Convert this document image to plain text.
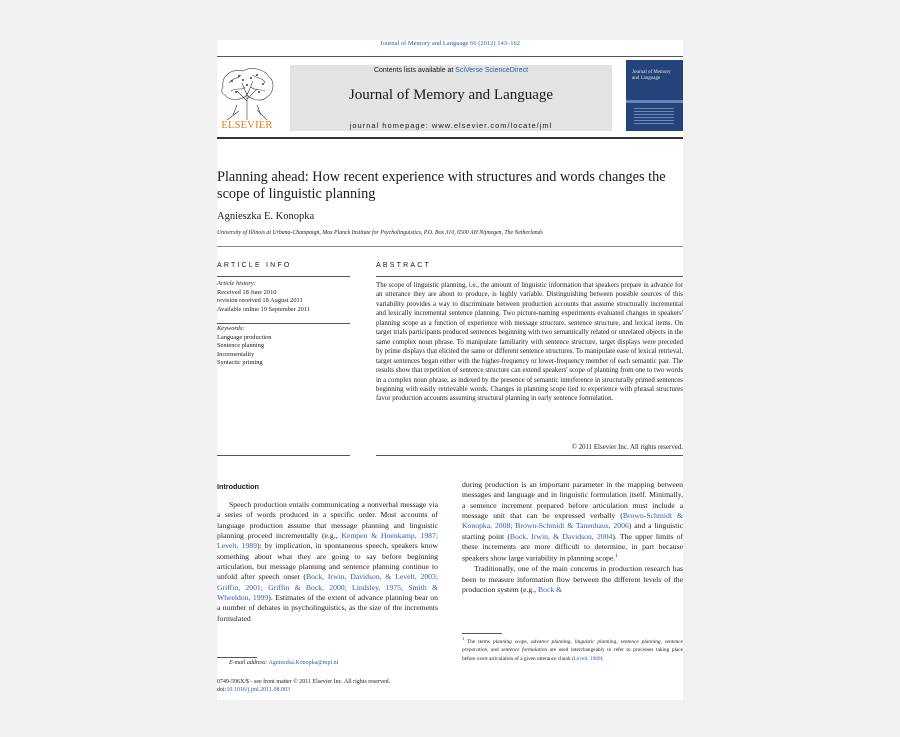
Journal of Memory and Language 66 (2012) 143–162
ELSEVIER
Contents lists available at SciVerse ScienceDirect
Journal of Memory and Language
journal homepage: www.elsevier.com/locate/jml
Journal of Memory and Language
Planning ahead: How recent experience with structures and words changes the scope of linguistic planning
Agnieszka E. Konopka
University of Illinois at Urbana-Champaign, Max Planck Institute for Psycholinguistics, P.O. Box 310, 6500 AH Nijmegen, The Netherlands
ARTICLE INFO
Article history:
Received 18 June 2010
revision received 18 August 2011
Available online 19 September 2011
Keywords:
Language production
Sentence planning
Incrementality
Syntactic priming
ABSTRACT
The scope of linguistic planning, i.e., the amount of linguistic information that speakers prepare in advance for an utterance they are about to produce, is highly variable. Distinguishing between possible sources of this variability provides a way to discriminate between production accounts that assume structurally incremental and lexically incremental sentence planning. Two picture-naming experiments evaluated changes in speakers' planning scope as a function of experience with message structure, sentence structure, and lexical items. On target trials participants produced sentences beginning with two semantically related or unrelated objects in the same complex noun phrase. To manipulate familiarity with sentence structure, target displays were preceded by prime displays that elicited the same or different sentence structures. To manipulate ease of lexical retrieval, target sentences began either with the higher-frequency or lower-frequency member of each semantic pair. The results show that repetition of sentence structure can extend speakers' scope of planning from one to two words in a complex noun phrase, as indexed by the presence of semantic interference in structurally primed sentences beginning with easily retrievable words. Changes in planning scope tied to experience with phrasal structures favor production accounts assuming structural planning in early sentence formulation.
© 2011 Elsevier Inc. All rights reserved.
Introduction

Speech production entails communicating a nonverbal message via a series of words produced in a specific order. Most accounts of language production assume that message planning and linguistic planning proceed incrementally (e.g., Kempen & Hoenkamp, 1987; Levelt, 1989): by implication, in spontaneous speech, speakers know something about what they are going to say before beginning articulation, but message planning and sentence planning continue to unfold after speech onset (Bock, Irwin, Davidson, & Levelt, 2003; Griffin, 2001; Griffin & Bock, 2000; Lindsley, 1975; Smith & Wheeldon, 1999). Estimates of the extent of advance planning bear on a number of debates in psycholinguistics, as the size of the increments formulated

during production is an important parameter in the mapping between messages and language and in linguistic formulation itself. Minimally, a sentence increment prepared before articulation must include a message unit that can be expressed verbally (Brown-Schmidt & Konopka, 2008; Brown-Schmidt & Tanenhaus, 2006) and a linguistic starting point (Bock, Irwin, & Davidson, 2004). The upper limits of these increments are more difficult to determine, in part because speakers show large variability in planning scope.$^1$

Traditionally, one of the main concerns in production research has been to measure information flow between the different levels of the production system (e.g., Bock &

$^1$ The terms planning scope, advance planning, linguistic planning, sentence planning, sentence preparation, and sentence formulation are used interchangeably to refer to processes taking place before overt articulation of a given utterance chunk (Levelt, 1989).
E-mail address: Agnieszka.Konopka@mpi.nl
0749-596X/$ - see front matter © 2011 Elsevier Inc. All rights reserved.
doi:10.1016/j.jml.2011.08.003
